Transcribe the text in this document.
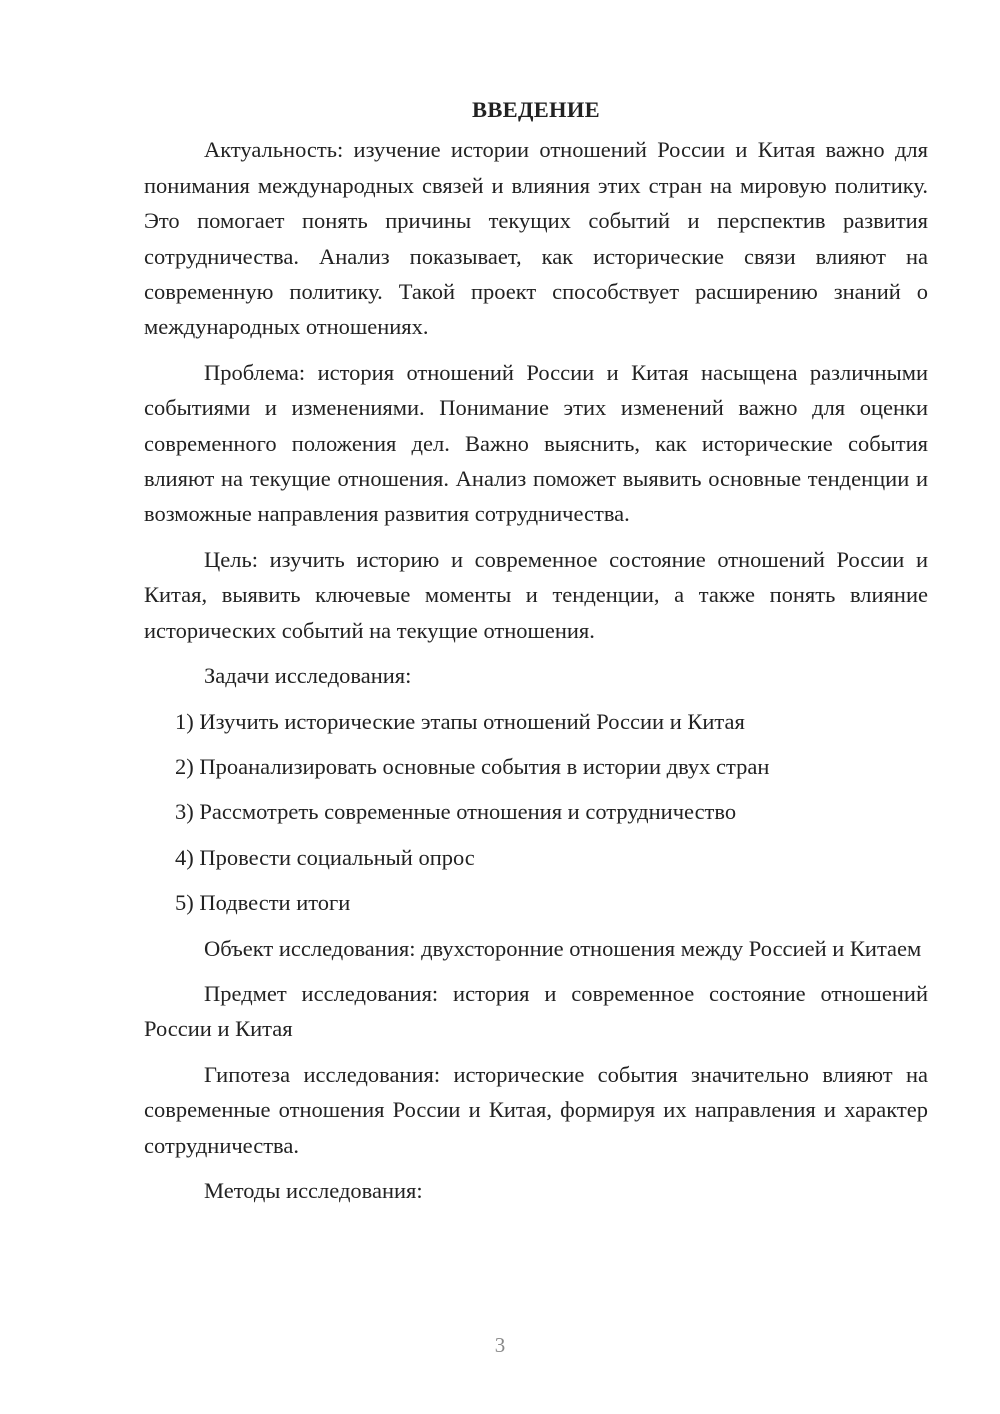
ВВЕДЕНИЕ

Актуальность: изучение истории отношений России и Китая важно для понимания международных связей и влияния этих стран на мировую политику. Это помогает понять причины текущих событий и перспектив развития сотрудничества. Анализ показывает, как исторические связи влияют на современную политику. Такой проект способствует расширению знаний о международных отношениях.

Проблема: история отношений России и Китая насыщена различными событиями и изменениями. Понимание этих изменений важно для оценки современного положения дел. Важно выяснить, как исторические события влияют на текущие отношения. Анализ поможет выявить основные тенденции и возможные направления развития сотрудничества.

Цель: изучить историю и современное состояние отношений России и Китая, выявить ключевые моменты и тенденции, а также понять влияние исторических событий на текущие отношения.

Задачи исследования:

1) Изучить исторические этапы отношений России и Китая
2) Проанализировать основные события в истории двух стран
3) Рассмотреть современные отношения и сотрудничество
4) Провести социальный опрос
5) Подвести итоги

Объект исследования: двухсторонние отношения между Россией и Китаем

Предмет исследования: история и современное состояние отношений России и Китая

Гипотеза исследования: исторические события значительно влияют на современные отношения России и Китая, формируя их направления и характер сотрудничества.

Методы исследования:

3
